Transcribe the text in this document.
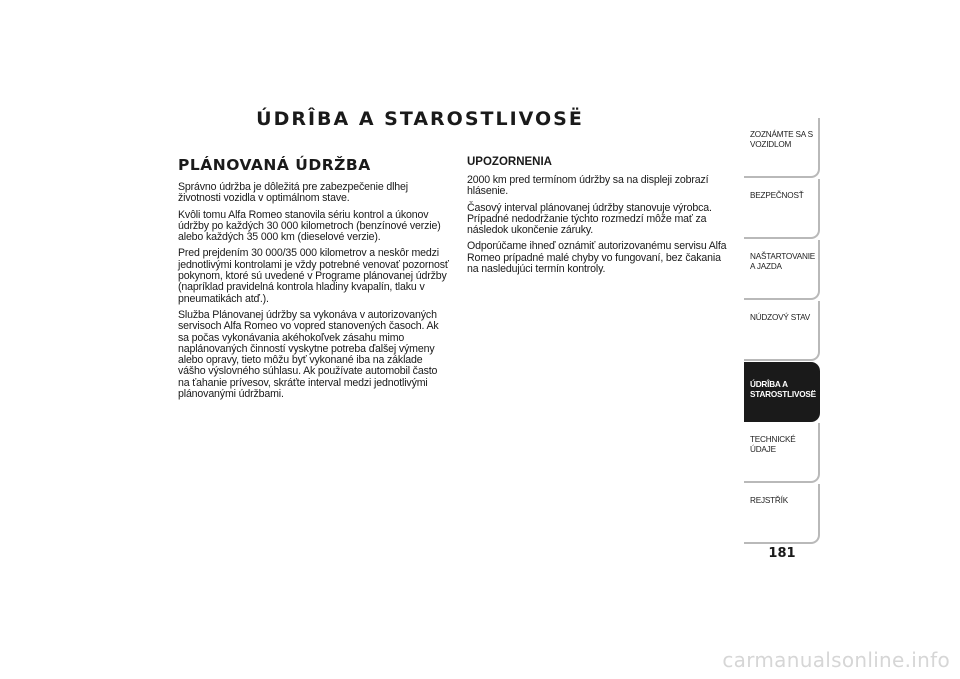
ÚDRÎBA A STAROSTLIVOSË
PLÁNOVANÁ ÚDRŽBA

Správno údržba je dôležitá pre zabezpečenie dlhej životnosti vozidla v optimálnom stave.

Kvôli tomu Alfa Romeo stanovila sériu kontrol a úkonov údržby po každých 30 000 kilometroch (benzínové verzie) alebo každých 35 000 km (dieselové verzie).

Pred prejdením 30 000/35 000 kilometrov a neskôr medzi jednotlivými kontrolami je vždy potrebné venovať pozornosť pokynom, ktoré sú uvedené v Programe plánovanej údržby (napríklad pravidelná kontrola hladiny kvapalín, tlaku v pneumatikách atď.).

Služba Plánovanej údržby sa vykonáva v autorizovaných servisoch Alfa Romeo vo vopred stanovených časoch. Ak sa počas vykonávania akéhokoľvek zásahu mimo naplánovaných činností vyskytne potreba ďalšej výmeny alebo opravy, tieto môžu byť vykonané iba na základe vášho výslovného súhlasu. Ak používate automobil často na ťahanie prívesov, skráťte interval medzi jednotlivými plánovanými údržbami.

UPOZORNENIA

2000 km pred termínom údržby sa na displeji zobrazí hlásenie.

Časový interval plánovanej údržby stanovuje výrobca. Prípadné nedodržanie týchto rozmedzí môže mať za následok ukončenie záruky.

Odporúčame ihneď oznámiť autorizovanému servisu Alfa Romeo prípadné malé chyby vo fungovaní, bez čakania na nasledujúci termín kontroly.

ZOZNÁMTE SA S VOZIDLOM
BEZPEČNOSŤ
NAŠTARTOVANIE A JAZDA
NÚDZOVÝ STAV
ÚDRÎBA A STAROSTLIVOSË
TECHNICKÉ ÚDAJE
REJSTŘÍK
181
carmanualsonline.info
